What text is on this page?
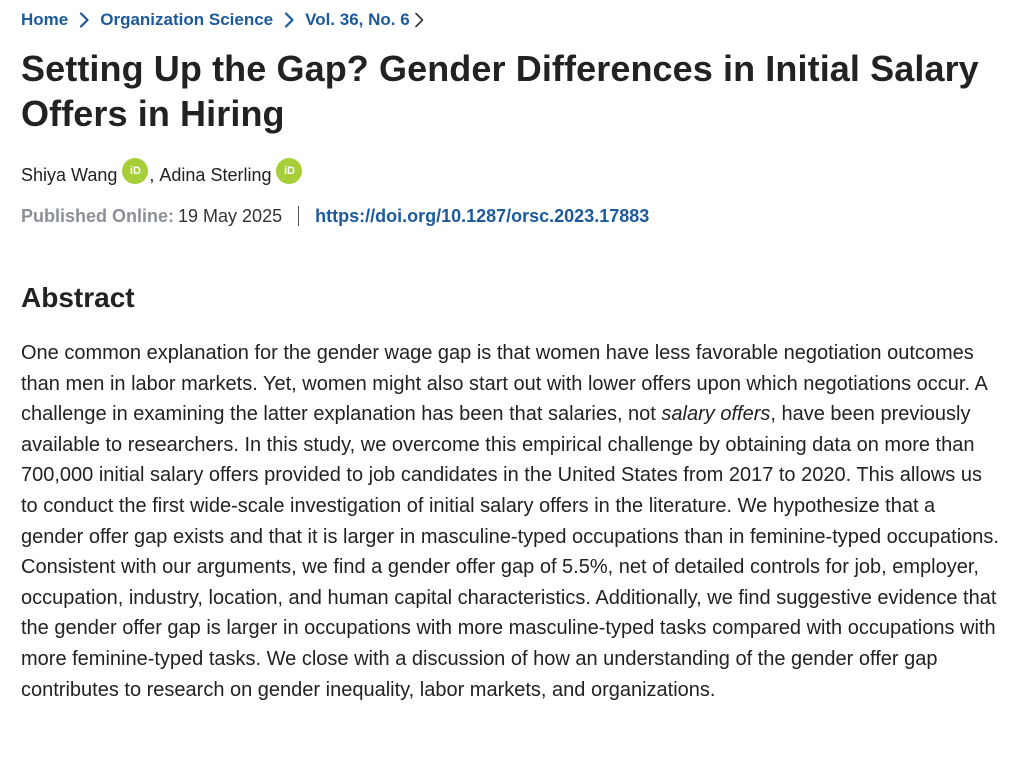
Home Organization Science Vol. 36, No. 6
Setting Up the Gap? Gender Differences in Initial Salary Offers in Hiring
Shiya Wang	iD , Adina Sterling	iD
Published Online: 19 May 2025 https://doi.org/10.1287/orsc.2023.17883
Abstract

One common explanation for the gender wage gap is that women have less favorable negotiation outcomes than men in labor markets. Yet, women might also start out with lower offers upon which negotiations occur. A challenge in examining the latter explanation has been that salaries, not salary offers, have been previously available to researchers. In this study, we overcome this empirical challenge by obtaining data on more than 700,000 initial salary offers provided to job candidates in the United States from 2017 to 2020. This allows us to conduct the first wide-scale investigation of initial salary offers in the literature. We hypothesize that a gender offer gap exists and that it is larger in masculine-typed occupations than in feminine-typed occupations. Consistent with our arguments, we find a gender offer gap of 5.5%, net of detailed controls for job, employer, occupation, industry, location, and human capital characteristics. Additionally, we find suggestive evidence that the gender offer gap is larger in occupations with more masculine-typed tasks compared with occupations with more feminine-typed tasks. We close with a discussion of how an understanding of the gender offer gap contributes to research on gender inequality, labor markets, and organizations.
